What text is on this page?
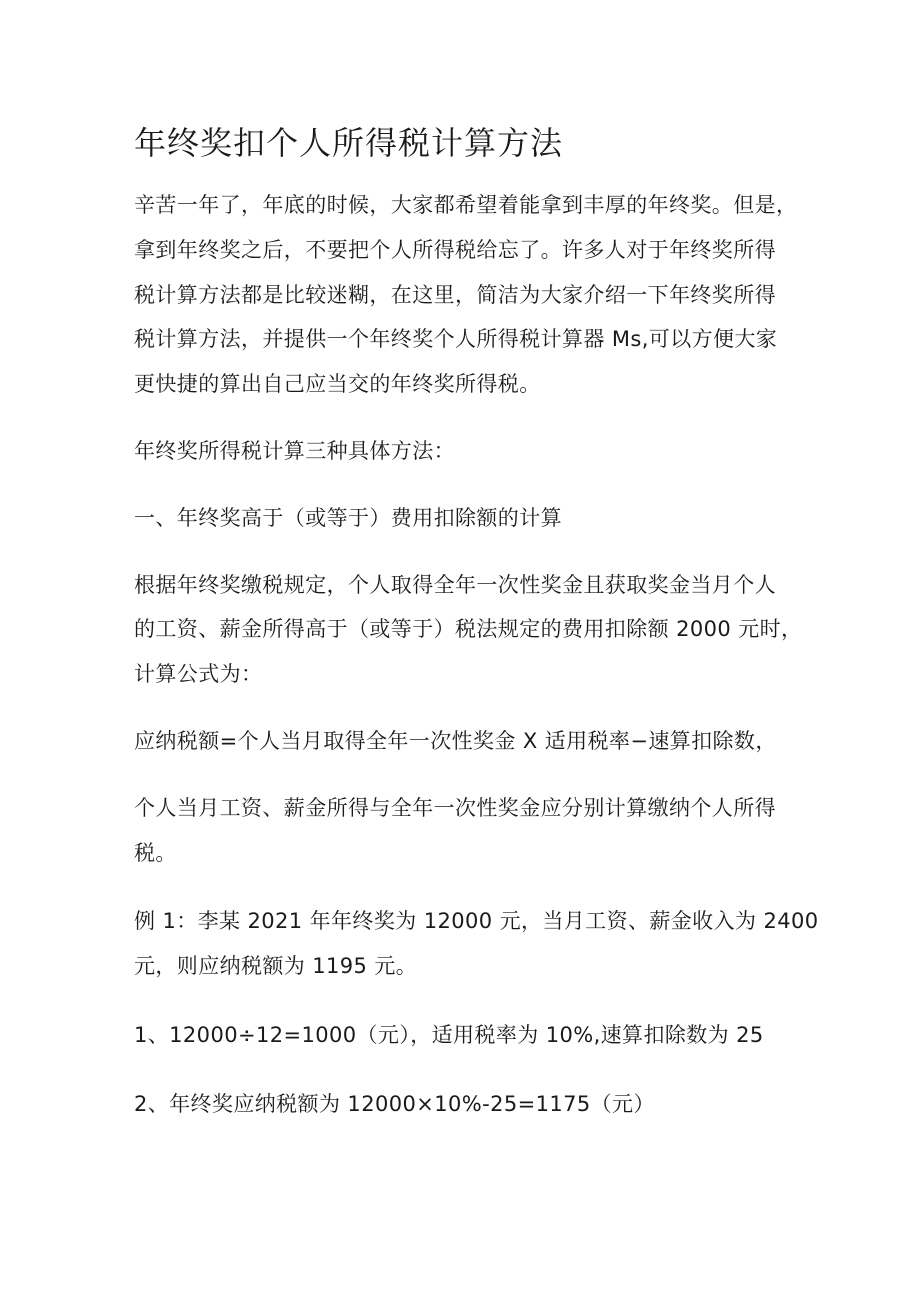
年终奖扣个人所得税计算方法

辛苦一年了，年底的时候，大家都希望着能拿到丰厚的年终奖。但是，
拿到年终奖之后，不要把个人所得税给忘了。许多人对于年终奖所得
税计算方法都是比较迷糊，在这里，简洁为大家介绍一下年终奖所得
税计算方法，并提供一个年终奖个人所得税计算器 Ms,可以方便大家
更快捷的算出自己应当交的年终奖所得税。

年终奖所得税计算三种具体方法：

一、年终奖高于（或等于）费用扣除额的计算

根据年终奖缴税规定，个人取得全年一次性奖金且获取奖金当月个人
的工资、薪金所得高于（或等于）税法规定的费用扣除额 2000 元时，
计算公式为：

应纳税额=个人当月取得全年一次性奖金 X 适用税率−速算扣除数，

个人当月工资、薪金所得与全年一次性奖金应分别计算缴纳个人所得
税。

例 1：李某 2021 年年终奖为 12000 元，当月工资、薪金收入为 2400
元，则应纳税额为 1195 元。

1、12000÷12=1000（元），适用税率为 10%,速算扣除数为 25

2、年终奖应纳税额为 12000×10%-25=1175（元）
